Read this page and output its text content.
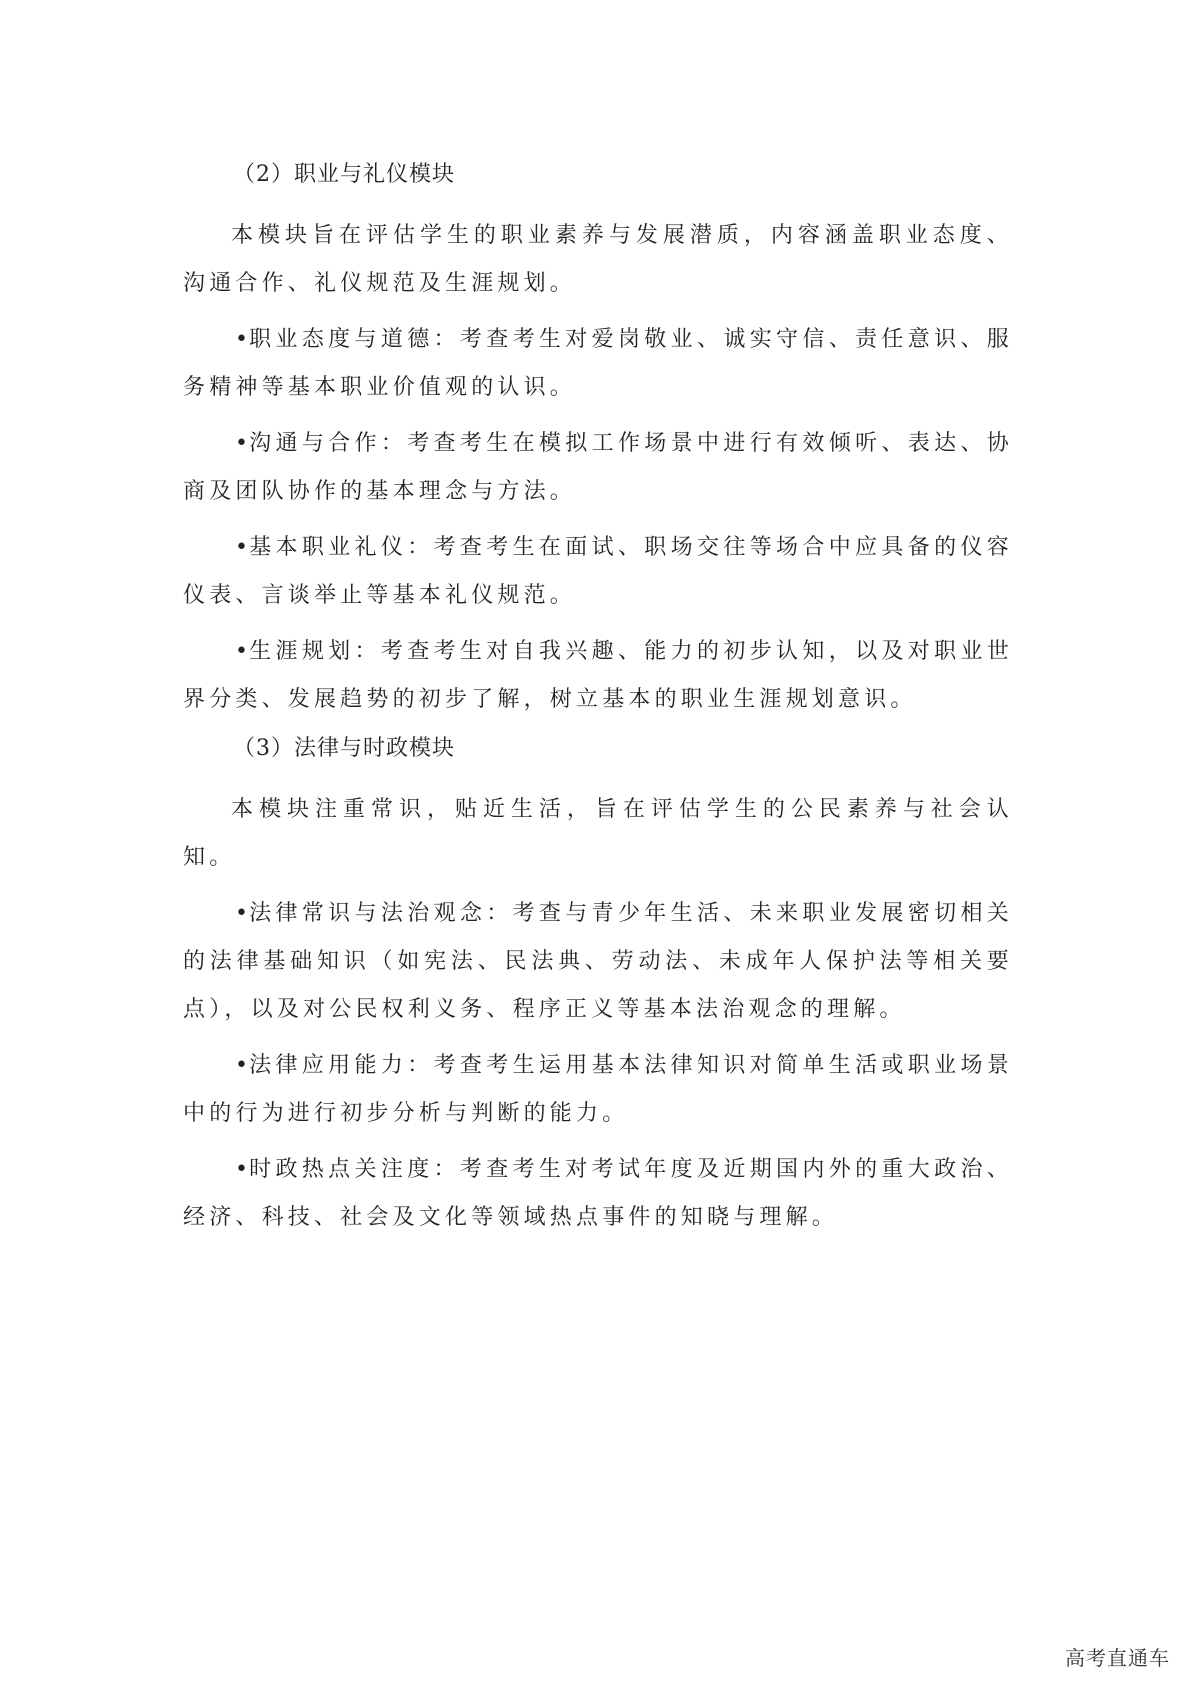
（2）职业与礼仪模块

本模块旨在评估学生的职业素养与发展潜质，内容涵盖职业态度、沟通合作、礼仪规范及生涯规划。

•职业态度与道德：考查考生对爱岗敬业、诚实守信、责任意识、服务精神等基本职业价值观的认识。

•沟通与合作：考查考生在模拟工作场景中进行有效倾听、表达、协商及团队协作的基本理念与方法。

•基本职业礼仪：考查考生在面试、职场交往等场合中应具备的仪容仪表、言谈举止等基本礼仪规范。

•生涯规划：考查考生对自我兴趣、能力的初步认知，以及对职业世界分类、发展趋势的初步了解，树立基本的职业生涯规划意识。

（3）法律与时政模块

本模块注重常识，贴近生活，旨在评估学生的公民素养与社会认知。

•法律常识与法治观念：考查与青少年生活、未来职业发展密切相关的法律基础知识（如宪法、民法典、劳动法、未成年人保护法等相关要点），以及对公民权利义务、程序正义等基本法治观念的理解。

•法律应用能力：考查考生运用基本法律知识对简单生活或职业场景中的行为进行初步分析与判断的能力。

•时政热点关注度：考查考生对考试年度及近期国内外的重大政治、经济、科技、社会及文化等领域热点事件的知晓与理解。

高考直通车
